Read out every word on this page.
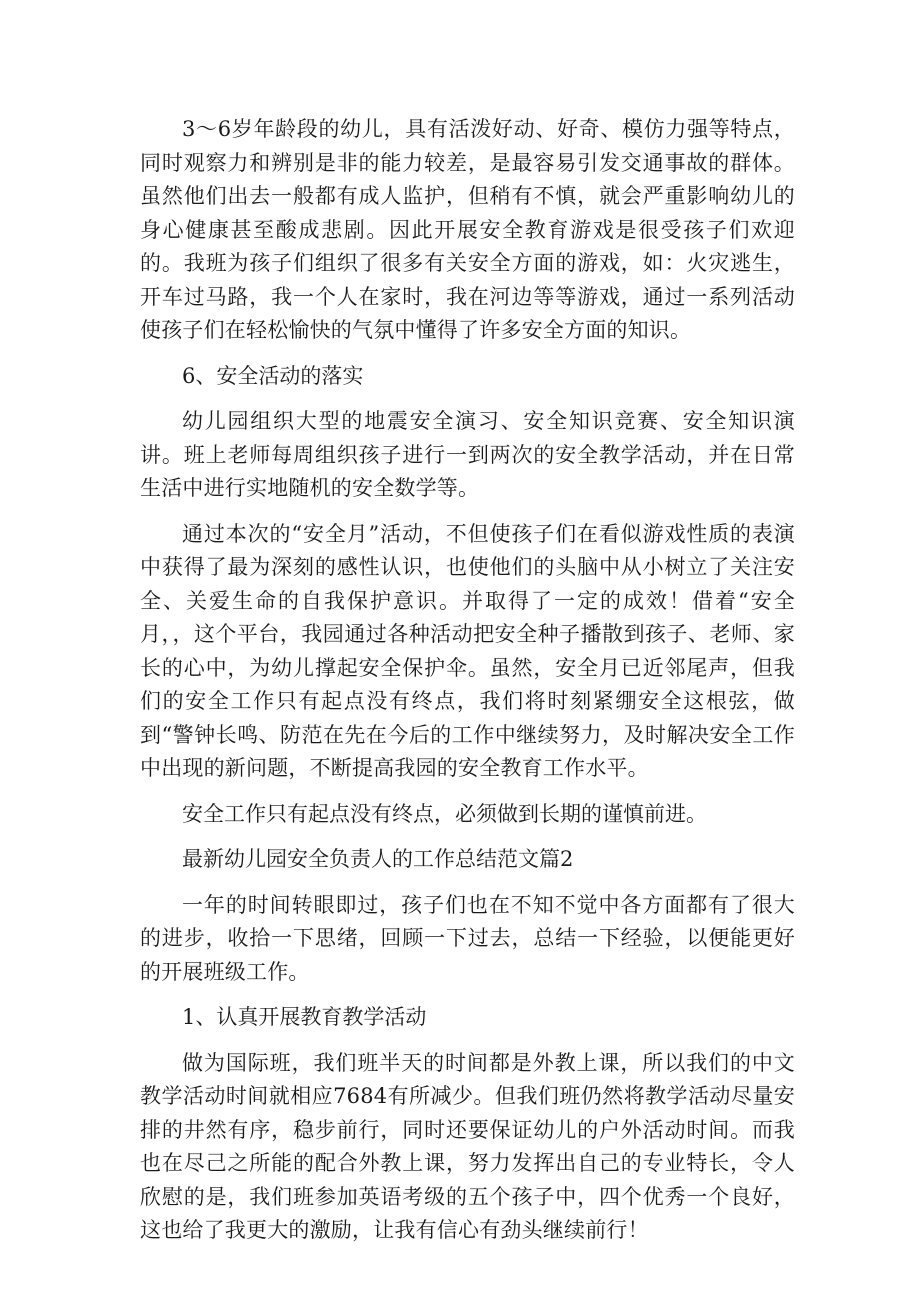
3～6岁年龄段的幼儿，具有活泼好动、好奇、模仿力强等特点，同时观察力和辨别是非的能力较差，是最容易引发交通事故的群体。虽然他们出去一般都有成人监护，但稍有不慎，就会严重影响幼儿的身心健康甚至酸成悲剧。因此开展安全教育游戏是很受孩子们欢迎的。我班为孩子们组织了很多有关安全方面的游戏，如：火灾逃生，开车过马路，我一个人在家时，我在河边等等游戏，通过一系列活动使孩子们在轻松愉快的气氛中懂得了许多安全方面的知识。

6、安全活动的落实

幼儿园组织大型的地震安全演习、安全知识竞赛、安全知识演讲。班上老师每周组织孩子进行一到两次的安全教学活动，并在日常生活中进行实地随机的安全数学等。

通过本次的“安全月”活动，不但使孩子们在看似游戏性质的表演中获得了最为深刻的感性认识，也使他们的头脑中从小树立了关注安全、关爱生命的自我保护意识。并取得了一定的成效！借着“安全月，，这个平台，我园通过各种活动把安全种子播散到孩子、老师、家长的心中，为幼儿撑起安全保护伞。虽然，安全月已近邻尾声，但我们的安全工作只有起点没有终点，我们将时刻紧绷安全这根弦，做到“警钟长鸣、防范在先在今后的工作中继续努力，及时解决安全工作中出现的新问题，不断提高我园的安全教育工作水平。

安全工作只有起点没有终点，必须做到长期的谨慎前进。

最新幼儿园安全负责人的工作总结范文篇2

一年的时间转眼即过，孩子们也在不知不觉中各方面都有了很大的进步，收拾一下思绪，回顾一下过去，总结一下经验，以便能更好的开展班级工作。

1、认真开展教育教学活动

做为国际班，我们班半天的时间都是外教上课，所以我们的中文教学活动时间就相应7684有所减少。但我们班仍然将教学活动尽量安排的井然有序，稳步前行，同时还要保证幼儿的户外活动时间。而我也在尽己之所能的配合外教上课，努力发挥出自己的专业特长，令人欣慰的是，我们班参加英语考级的五个孩子中，四个优秀一个良好，这也给了我更大的激励，让我有信心有劲头继续前行！
